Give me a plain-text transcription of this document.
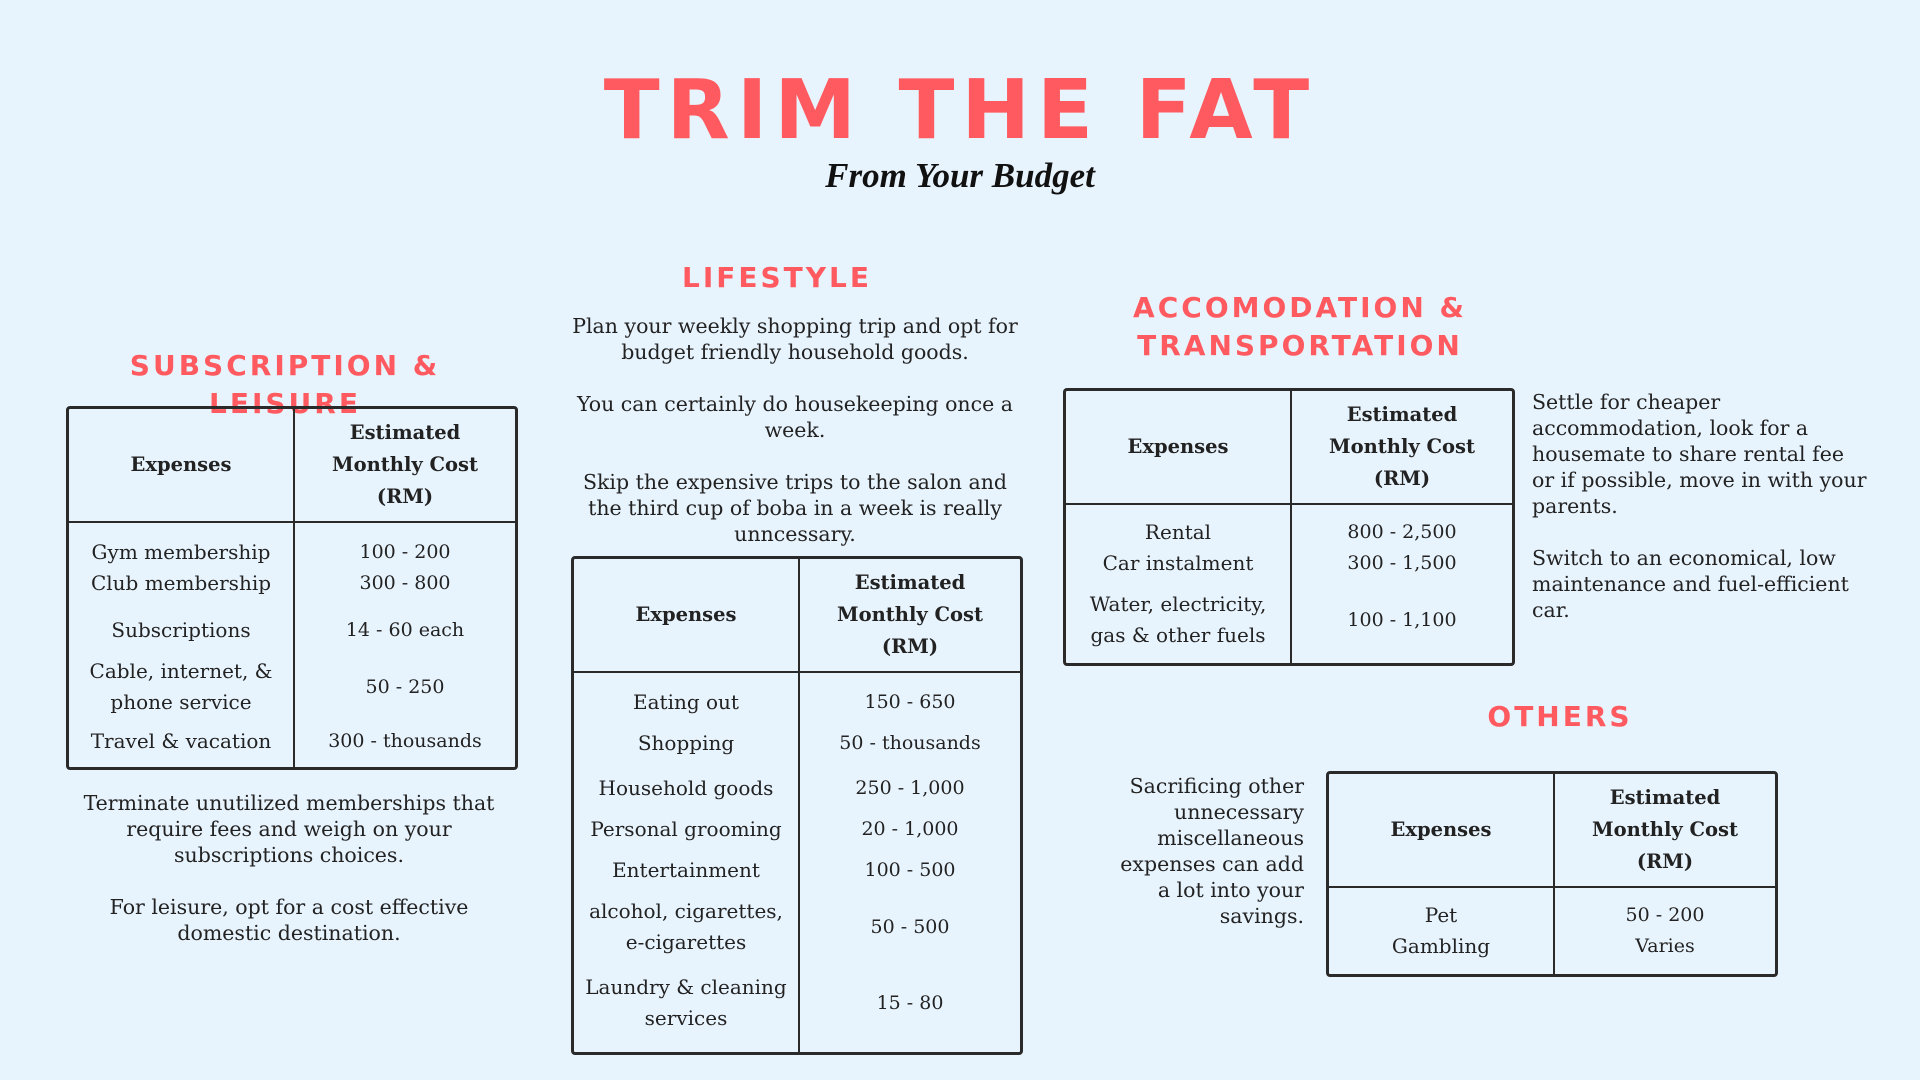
TRIM THE FAT
From Your Budget
SUBSCRIPTION & LEISURE
Expenses	Estimated Monthly Cost (RM)
Gym membership	100 - 200
Club membership	300 - 800
Subscriptions	14 - 60 each
Cable, internet, & phone service	50 - 250
Travel & vacation	300 - thousands

Terminate unutilized memberships that require fees and weigh on your subscriptions choices.

For leisure, opt for a cost effective domestic destination.

LIFESTYLE

Plan your weekly shopping trip and opt for budget friendly household goods.

You can certainly do housekeeping once a week.

Skip the expensive trips to the salon and the third cup of boba in a week is really unncessary.

Expenses	Estimated Monthly Cost (RM)
Eating out	150 - 650
Shopping	50 - thousands
Household goods	250 - 1,000
Personal grooming	20 - 1,000
Entertainment	100 - 500
alcohol, cigarettes, e-cigarettes	50 - 500
Laundry & cleaning services	15 - 80
ACCOMODATION & TRANSPORTATION
Expenses	Estimated Monthly Cost (RM)
Rental	800 - 2,500
Car instalment	300 - 1,500
Water, electricity, gas & other fuels	100 - 1,100

Settle for cheaper accommodation, look for a housemate to share rental fee or if possible, move in with your parents.

Switch to an economical, low maintenance and fuel-efficient car.

OTHERS

Sacrificing other unnecessary miscellaneous expenses can add a lot into your savings.

Expenses	Estimated Monthly Cost (RM)
Pet	50 - 200
Gambling	Varies
